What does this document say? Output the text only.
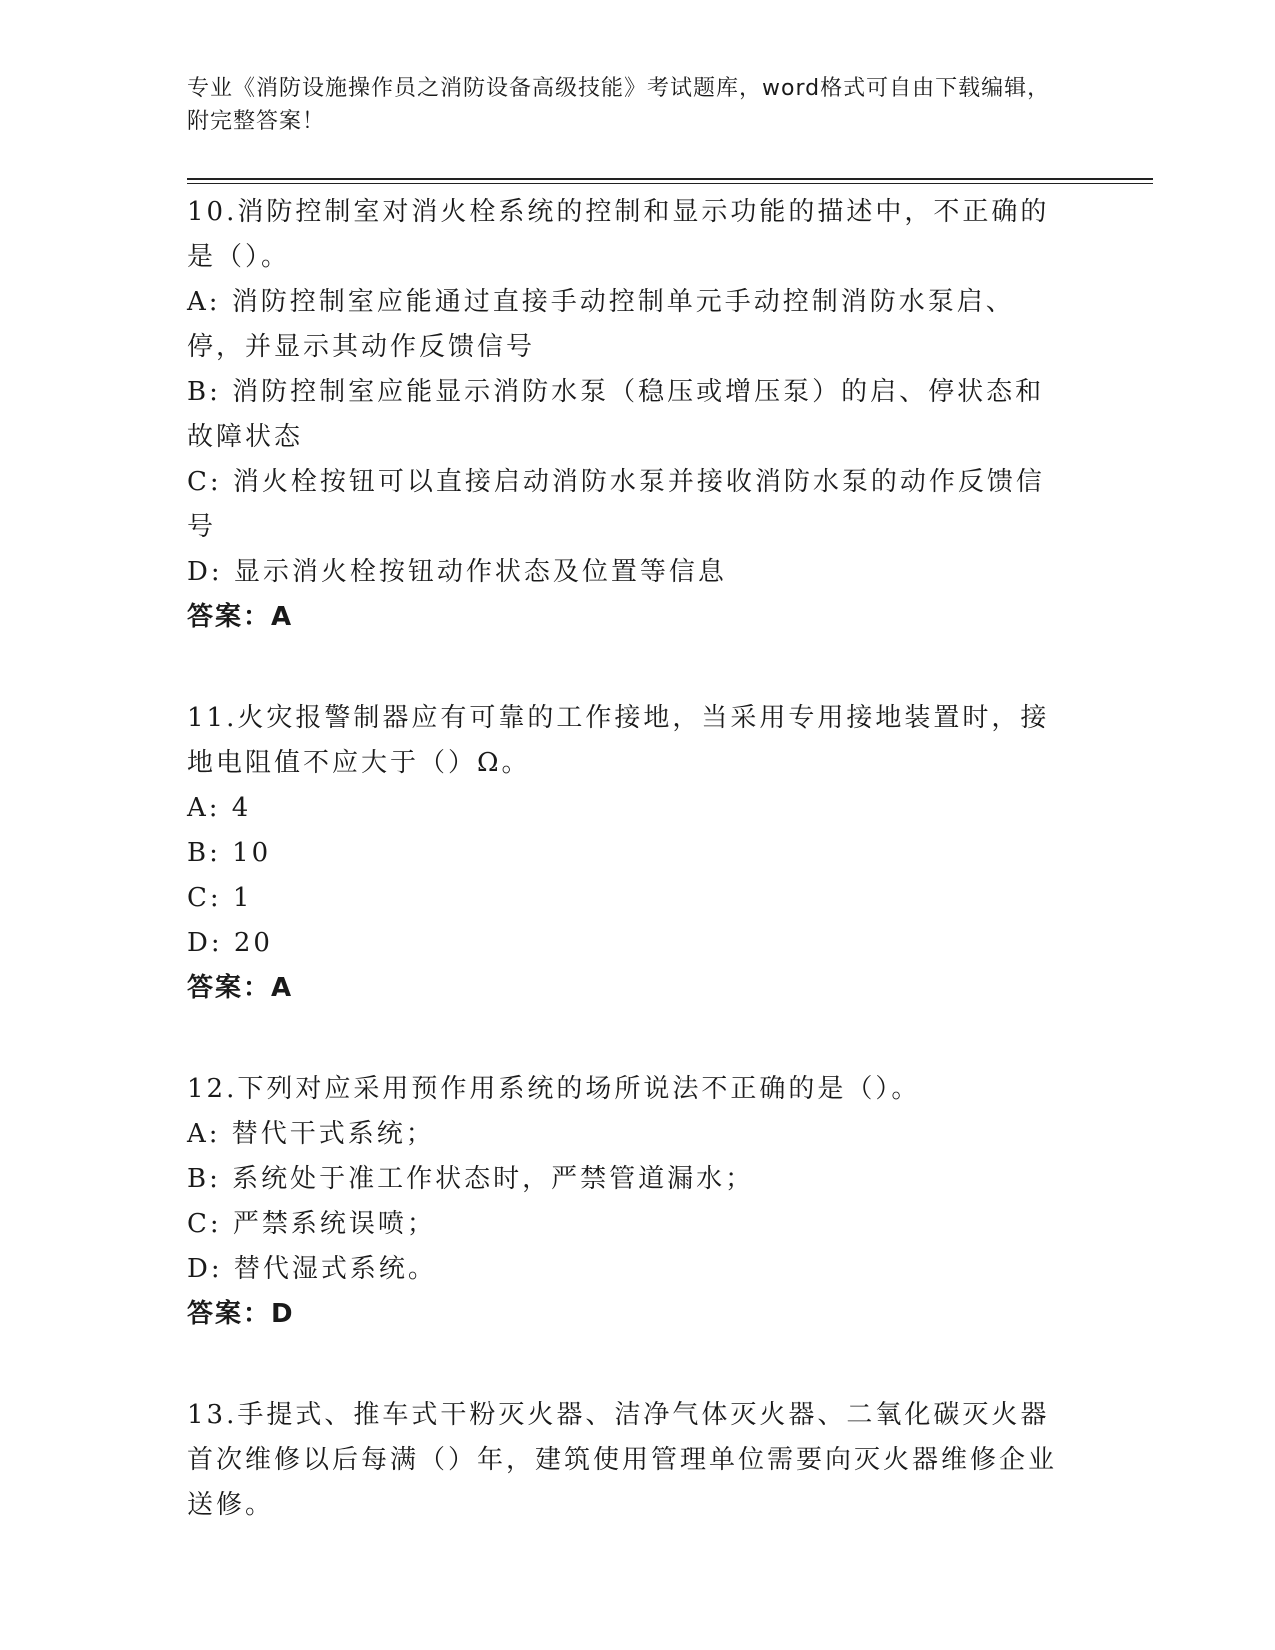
专业《消防设施操作员之消防设备高级技能》考试题库，word格式可自由下载编辑，附完整答案！

10.消防控制室对消火栓系统的控制和显示功能的描述中，不正确的是（）。

A: 消防控制室应能通过直接手动控制单元手动控制消防水泵启、停，并显示其动作反馈信号

B: 消防控制室应能显示消防水泵（稳压或增压泵）的启、停状态和故障状态

C: 消火栓按钮可以直接启动消防水泵并接收消防水泵的动作反馈信号

D: 显示消火栓按钮动作状态及位置等信息

答案：A

11.火灾报警制器应有可靠的工作接地，当采用专用接地装置时，接地电阻值不应大于（）Ω。

A: 4

B: 10

C: 1

D: 20

答案：A

12.下列对应采用预作用系统的场所说法不正确的是（）。

A: 替代干式系统；

B: 系统处于准工作状态时，严禁管道漏水；

C: 严禁系统误喷；

D: 替代湿式系统。

答案：D

13.手提式、推车式干粉灭火器、洁净气体灭火器、二氧化碳灭火器首次维修以后每满（）年，建筑使用管理单位需要向灭火器维修企业送修。
